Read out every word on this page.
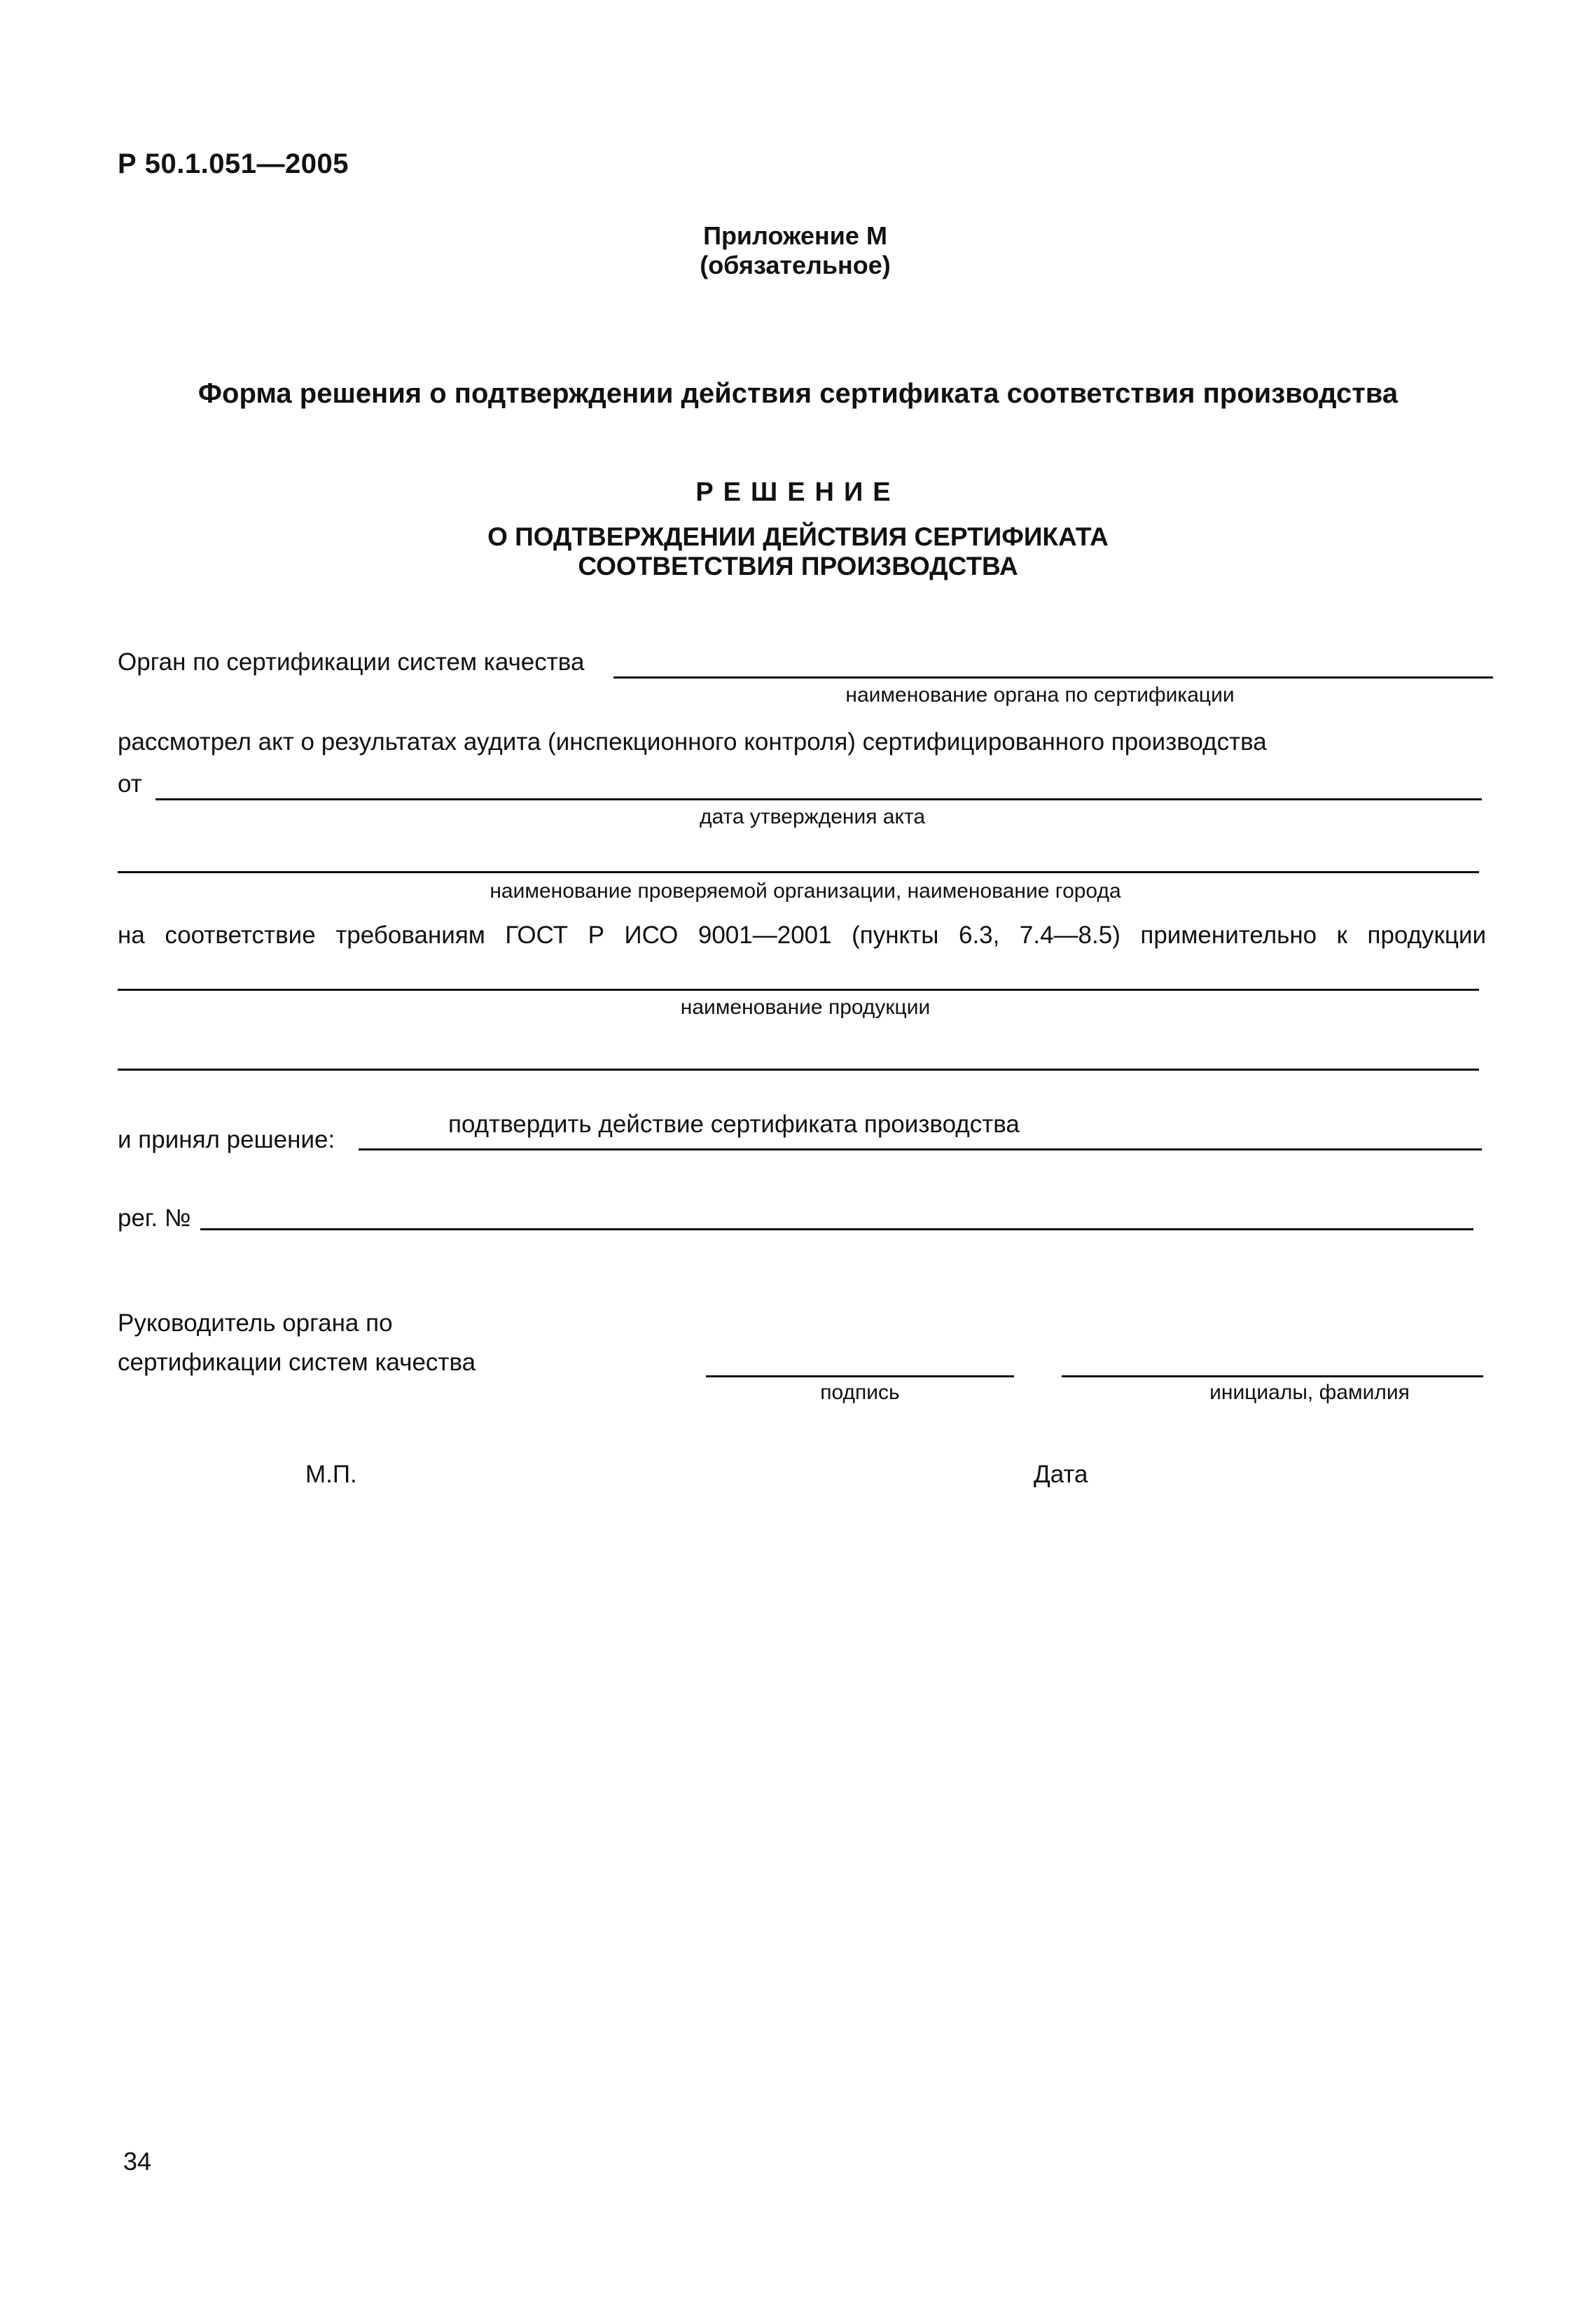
Р 50.1.051—2005
Приложение М
(обязательное)
Форма решения о подтверждении действия сертификата соответствия производства
РЕШЕНИЕ
О ПОДТВЕРЖДЕНИИ ДЕЙСТВИЯ СЕРТИФИКАТА
СООТВЕТСТВИЯ ПРОИЗВОДСТВА
Орган по сертификации систем качества
наименование органа по сертификации
рассмотрел акт о результатах аудита (инспекционного контроля) сертифицированного производства
от
дата утверждения акта
наименование проверяемой организации, наименование города
на соответствие требованиям ГОСТ Р ИСО 9001—2001 (пункты 6.3, 7.4—8.5) применительно к продукции
наименование продукции
и принял решение:
подтвердить действие сертификата производства
рег. №
Руководитель органа по
сертификации систем качества
подпись	инициалы, фамилия
М.П.	Дата
34
